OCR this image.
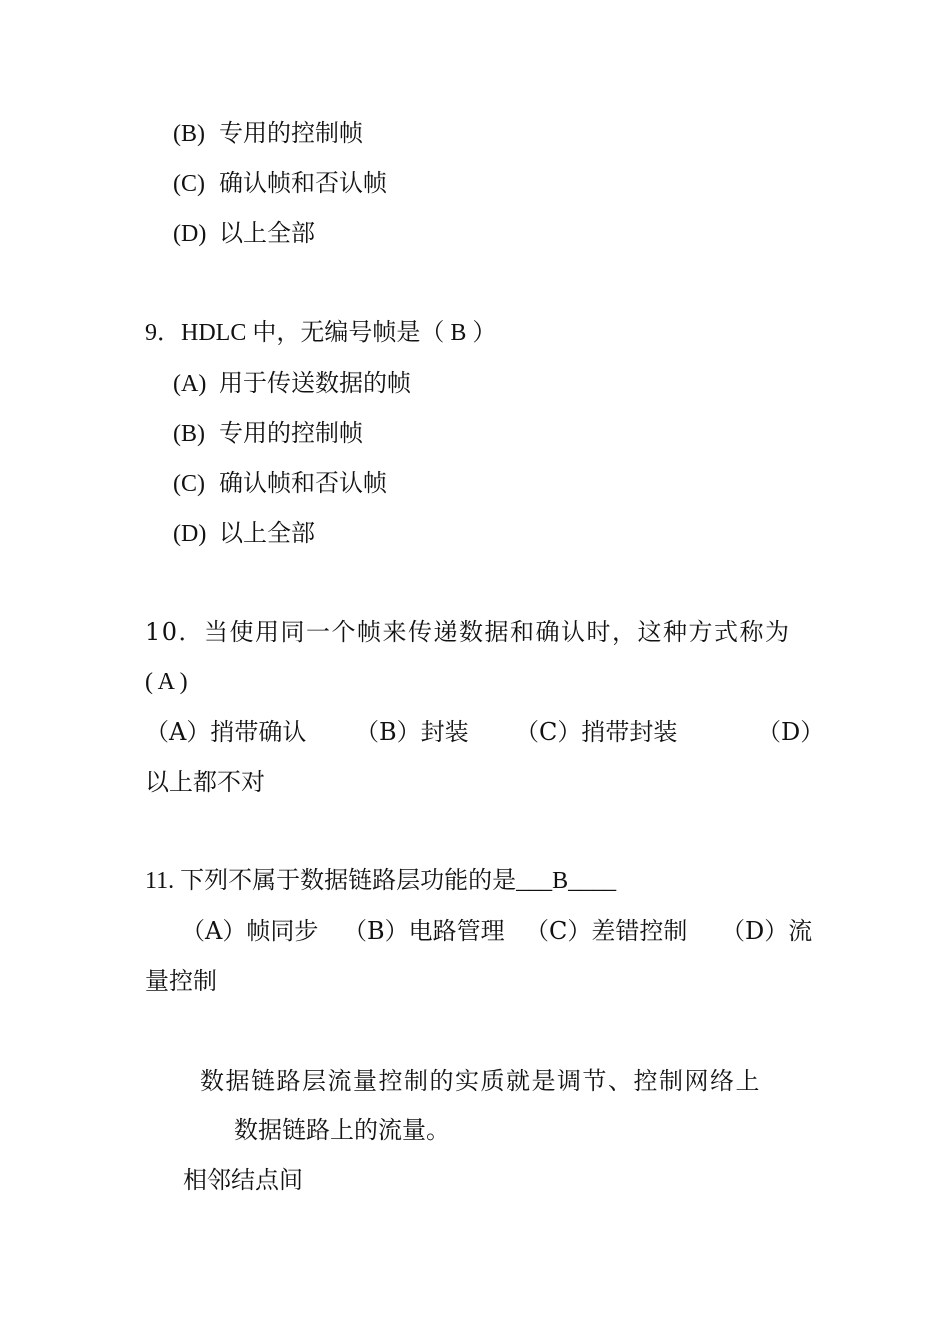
(B) 专用的控制帧
(C) 确认帧和否认帧
(D) 以上全部
9．HDLC 中，无编号帧是（ B ）
(A) 用于传送数据的帧
(B) 专用的控制帧
(C) 确认帧和否认帧
(D) 以上全部
10．当使用同一个帧来传递数据和确认时，这种方式称为
( A )
（A）捎带确认 （B）封装 （C）捎带封装	（D）
以上都不对
11. 下列不属于数据链路层功能的是___B____
（A）帧同步 （B）电路管理 （C）差错控制 （D）流
量控制
数据链路层流量控制的实质就是调节、控制网络上
数据链路上的流量。
相邻结点间
